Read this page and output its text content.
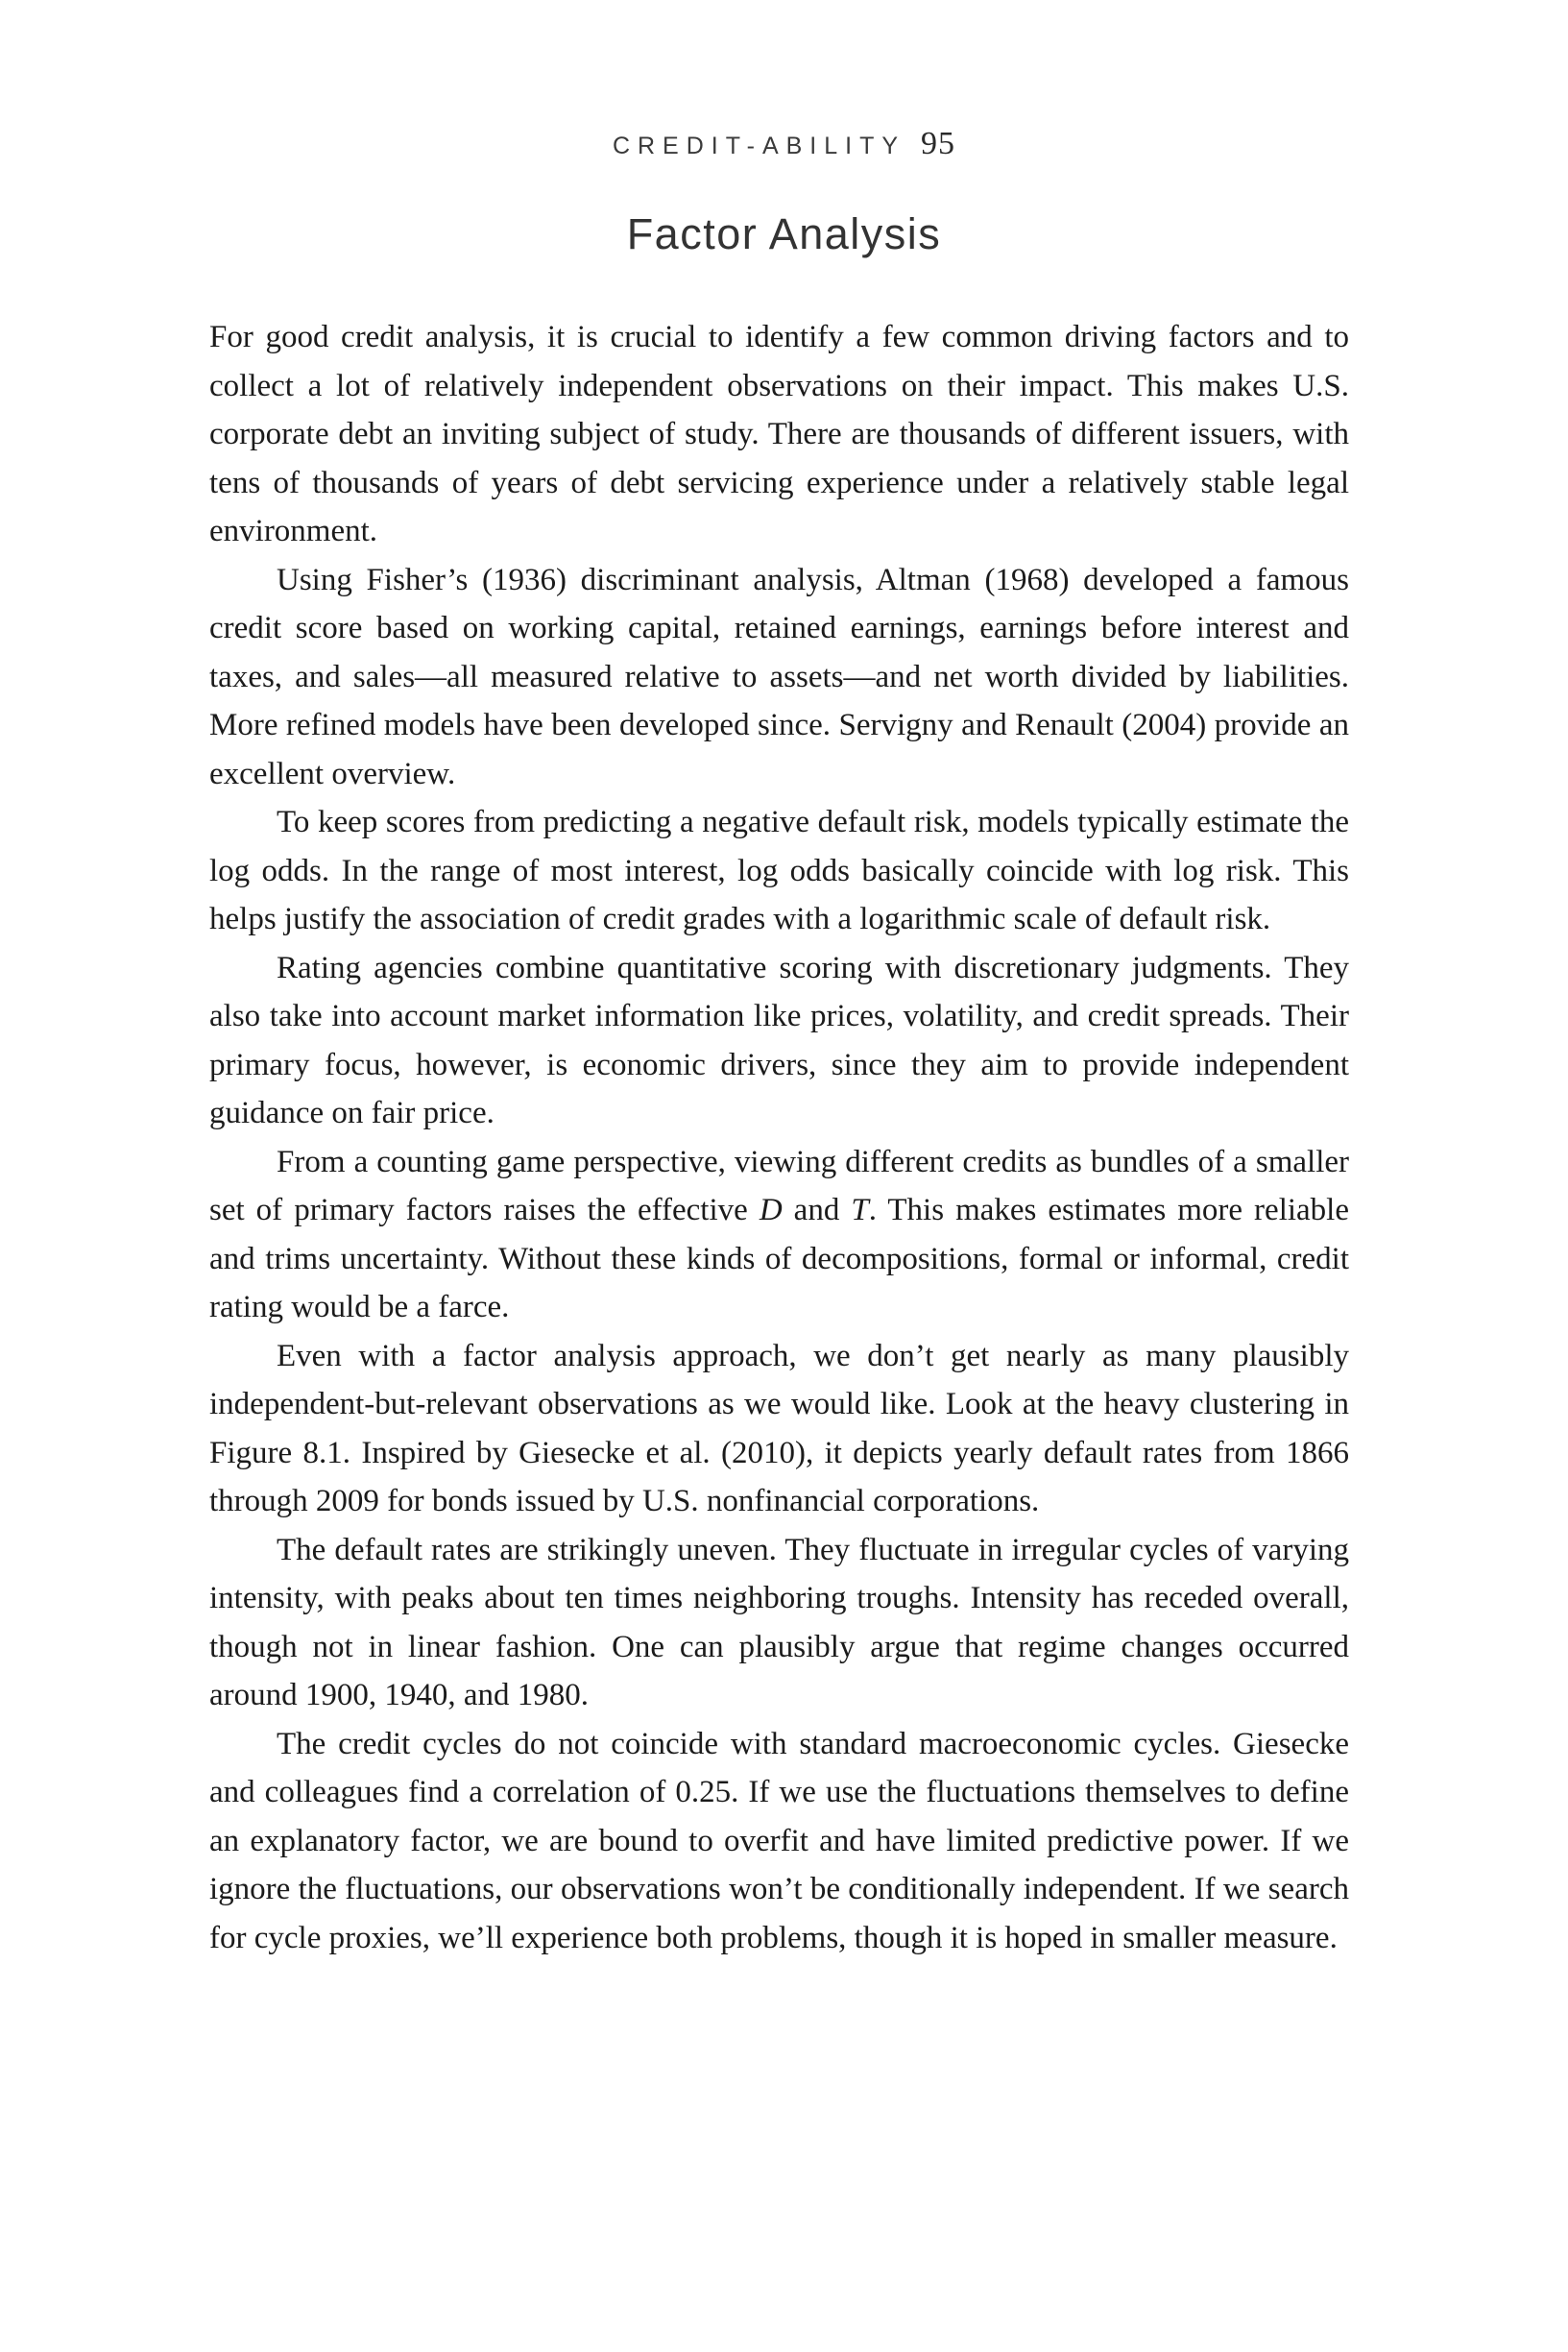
CREDIT-ABILITY 95
Factor Analysis

For good credit analysis, it is crucial to identify a few common driving factors and to collect a lot of relatively independent observations on their impact. This makes U.S. corporate debt an inviting subject of study. There are thousands of different issuers, with tens of thousands of years of debt servicing experience under a relatively stable legal environment.

Using Fisher’s (1936) discriminant analysis, Altman (1968) developed a famous credit score based on working capital, retained earnings, earnings before interest and taxes, and sales—all measured relative to assets—and net worth divided by liabilities. More refined models have been developed since. Servigny and Renault (2004) provide an excellent overview.

To keep scores from predicting a negative default risk, models typically estimate the log odds. In the range of most interest, log odds basically coincide with log risk. This helps justify the association of credit grades with a logarithmic scale of default risk.

Rating agencies combine quantitative scoring with discretionary judgments. They also take into account market information like prices, volatility, and credit spreads. Their primary focus, however, is economic drivers, since they aim to provide independent guidance on fair price.

From a counting game perspective, viewing different credits as bundles of a smaller set of primary factors raises the effective D and T. This makes estimates more reliable and trims uncertainty. Without these kinds of decompositions, formal or informal, credit rating would be a farce.

Even with a factor analysis approach, we don’t get nearly as many plausibly independent-but-relevant observations as we would like. Look at the heavy clustering in Figure 8.1. Inspired by Giesecke et al. (2010), it depicts yearly default rates from 1866 through 2009 for bonds issued by U.S. nonfinancial corporations.

The default rates are strikingly uneven. They fluctuate in irregular cycles of varying intensity, with peaks about ten times neighboring troughs. Intensity has receded overall, though not in linear fashion. One can plausibly argue that regime changes occurred around 1900, 1940, and 1980.

The credit cycles do not coincide with standard macroeconomic cycles. Giesecke and colleagues find a correlation of 0.25. If we use the fluctuations themselves to define an explanatory factor, we are bound to overfit and have limited predictive power. If we ignore the fluctuations, our observations won’t be conditionally independent. If we search for cycle proxies, we’ll experience both problems, though it is hoped in smaller measure.
